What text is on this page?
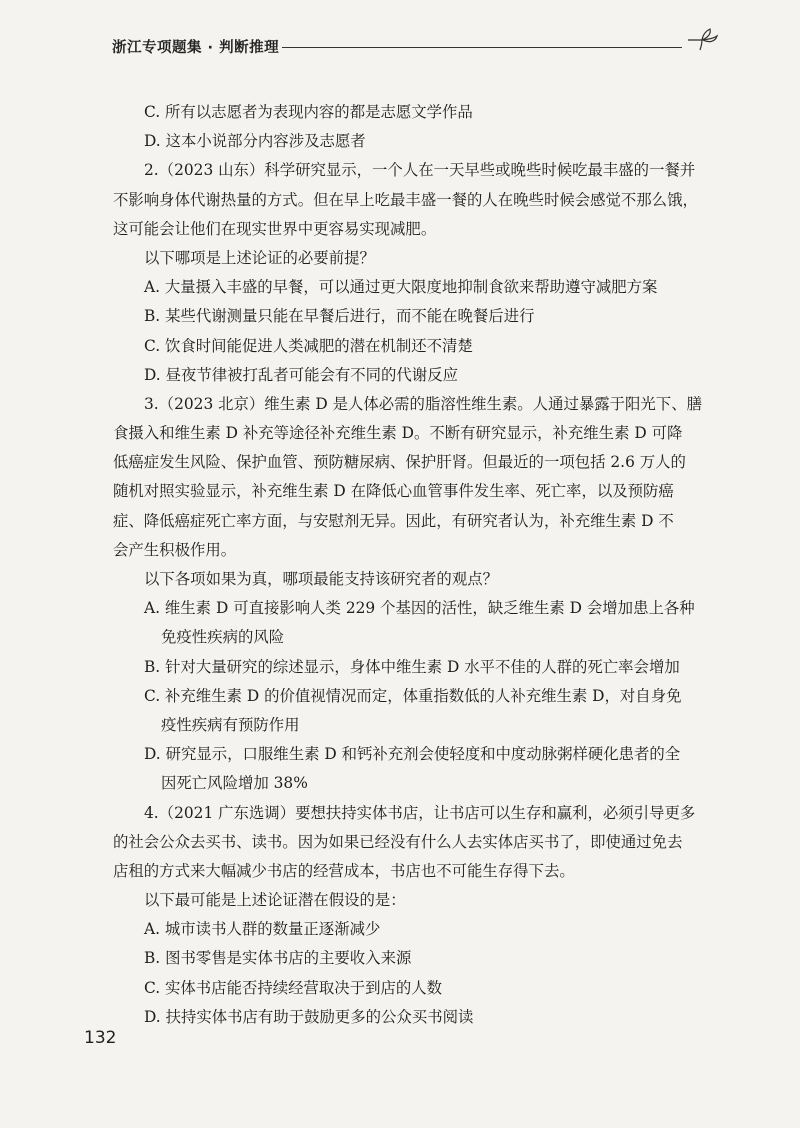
浙江专项题集 · 判断推理
C. 所有以志愿者为表现内容的都是志愿文学作品
D. 这本小说部分内容涉及志愿者
2.（2023 山东）科学研究显示，一个人在一天早些或晚些时候吃最丰盛的一餐并
不影响身体代谢热量的方式。但在早上吃最丰盛一餐的人在晚些时候会感觉不那么饿，
这可能会让他们在现实世界中更容易实现减肥。
以下哪项是上述论证的必要前提？
A. 大量摄入丰盛的早餐，可以通过更大限度地抑制食欲来帮助遵守减肥方案
B. 某些代谢测量只能在早餐后进行，而不能在晚餐后进行
C. 饮食时间能促进人类减肥的潜在机制还不清楚
D. 昼夜节律被打乱者可能会有不同的代谢反应
3.（2023 北京）维生素 D 是人体必需的脂溶性维生素。人通过暴露于阳光下、膳
食摄入和维生素 D 补充等途径补充维生素 D。不断有研究显示，补充维生素 D 可降
低癌症发生风险、保护血管、预防糖尿病、保护肝肾。但最近的一项包括 2.6 万人的
随机对照实验显示，补充维生素 D 在降低心血管事件发生率、死亡率，以及预防癌
症、降低癌症死亡率方面，与安慰剂无异。因此，有研究者认为，补充维生素 D 不
会产生积极作用。
以下各项如果为真，哪项最能支持该研究者的观点？
A. 维生素 D 可直接影响人类 229 个基因的活性，缺乏维生素 D 会增加患上各种
免疫性疾病的风险
B. 针对大量研究的综述显示，身体中维生素 D 水平不佳的人群的死亡率会增加
C. 补充维生素 D 的价值视情况而定，体重指数低的人补充维生素 D，对自身免
疫性疾病有预防作用
D. 研究显示，口服维生素 D 和钙补充剂会使轻度和中度动脉粥样硬化患者的全
因死亡风险增加 38%
4.（2021 广东选调）要想扶持实体书店，让书店可以生存和赢利，必须引导更多
的社会公众去买书、读书。因为如果已经没有什么人去实体店买书了，即使通过免去
店租的方式来大幅减少书店的经营成本，书店也不可能生存得下去。
以下最可能是上述论证潜在假设的是：
A. 城市读书人群的数量正逐渐减少
B. 图书零售是实体书店的主要收入来源
C. 实体书店能否持续经营取决于到店的人数
D. 扶持实体书店有助于鼓励更多的公众买书阅读

132
